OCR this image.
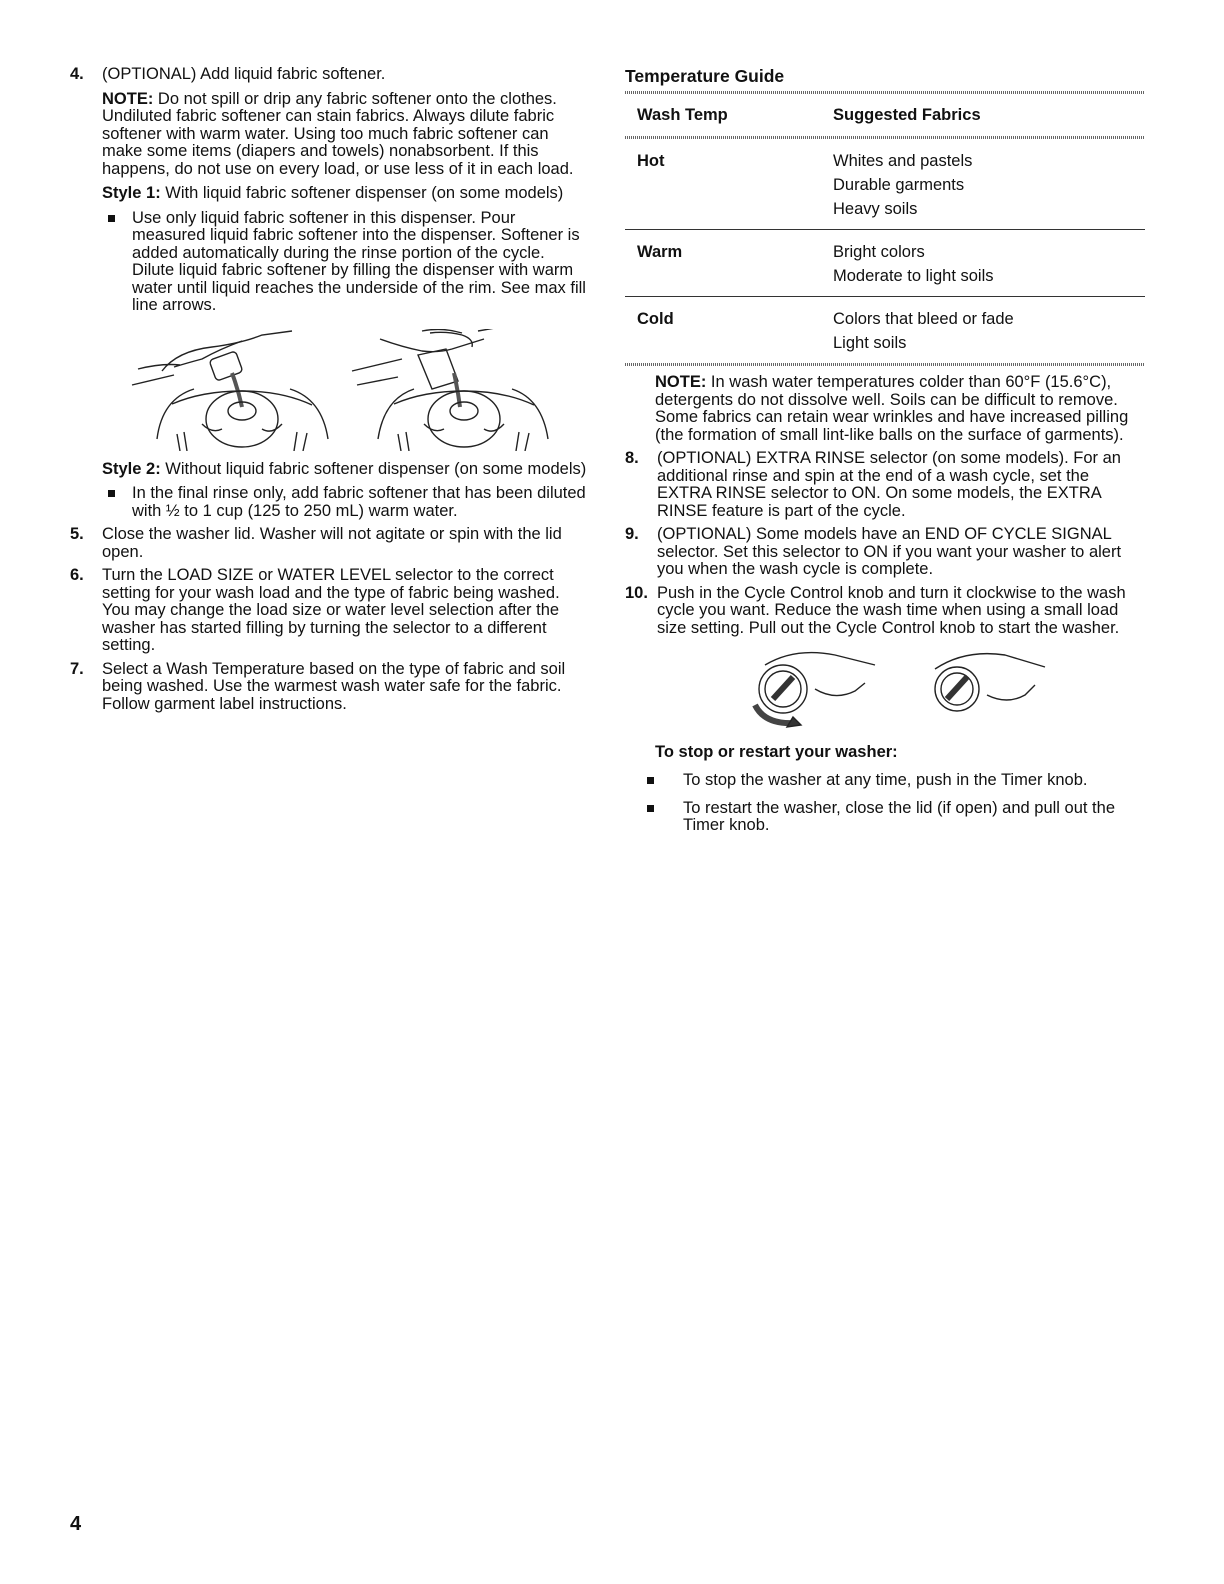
4. (OPTIONAL) Add liquid fabric softener.

NOTE: Do not spill or drip any fabric softener onto the clothes. Undiluted fabric softener can stain fabrics. Always dilute fabric softener with warm water. Using too much fabric softener can make some items (diapers and towels) nonabsorbent. If this happens, do not use on every load, or use less of it in each load.

Style 1: With liquid fabric softener dispenser (on some models)

Use only liquid fabric softener in this dispenser. Pour measured liquid fabric softener into the dispenser. Softener is added automatically during the rinse portion of the cycle. Dilute liquid fabric softener by filling the dispenser with warm water until liquid reaches the underside of the rim. See max fill line arrows.

Style 2: Without liquid fabric softener dispenser (on some models)

In the final rinse only, add fabric softener that has been diluted with ½ to 1 cup (125 to 250 mL) warm water.

5. Close the washer lid. Washer will not agitate or spin with the lid open.

6. Turn the LOAD SIZE or WATER LEVEL selector to the correct setting for your wash load and the type of fabric being washed. You may change the load size or water level selection after the washer has started filling by turning the selector to a different setting.

7. Select a Wash Temperature based on the type of fabric and soil being washed. Use the warmest wash water safe for the fabric. Follow garment label instructions.

Temperature Guide

Wash Temp	Suggested Fabrics

Hot	Whites and pastels
Durable garments
Heavy soils

Warm	Bright colors
Moderate to light soils

Cold	Colors that bleed or fade
Light soils

NOTE: In wash water temperatures colder than 60°F (15.6°C), detergents do not dissolve well. Soils can be difficult to remove. Some fabrics can retain wear wrinkles and have increased pilling (the formation of small lint-like balls on the surface of garments).

8. (OPTIONAL) EXTRA RINSE selector (on some models). For an additional rinse and spin at the end of a wash cycle, set the EXTRA RINSE selector to ON. On some models, the EXTRA RINSE feature is part of the cycle.

9. (OPTIONAL) Some models have an END OF CYCLE SIGNAL selector. Set this selector to ON if you want your washer to alert you when the wash cycle is complete.

10. Push in the Cycle Control knob and turn it clockwise to the wash cycle you want. Reduce the wash time when using a small load size setting. Pull out the Cycle Control knob to start the washer.

To stop or restart your washer:

To stop the washer at any time, push in the Timer knob.

To restart the washer, close the lid (if open) and pull out the Timer knob.

4
